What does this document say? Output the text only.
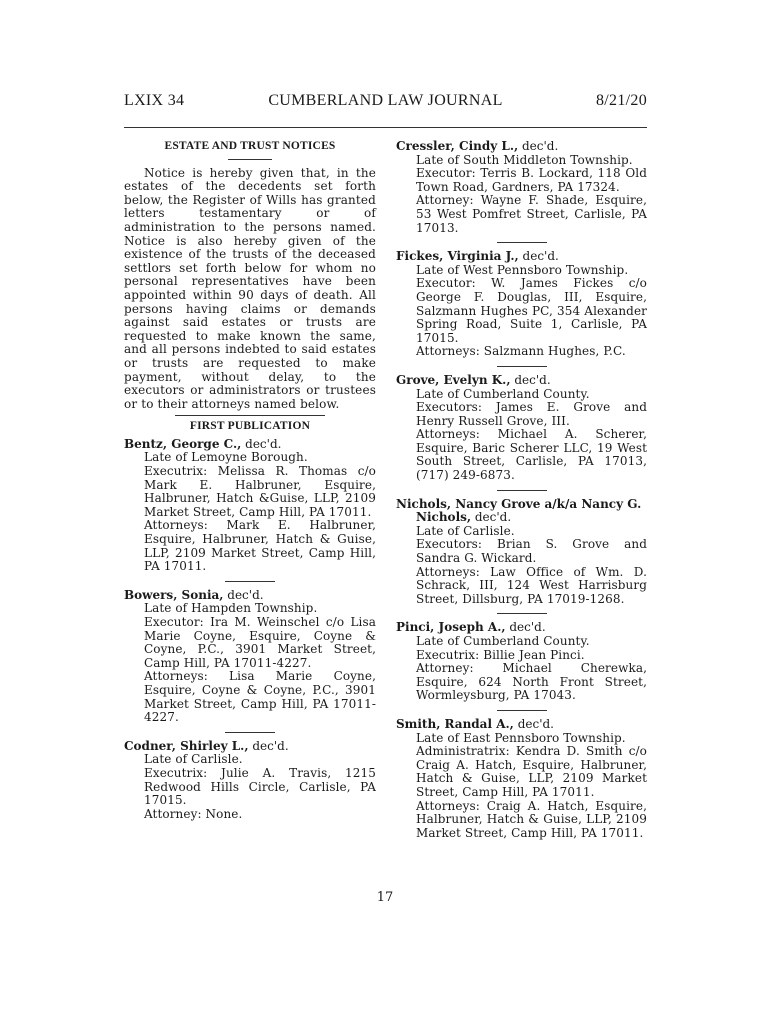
LXIX 34	CUMBERLAND LAW JOURNAL	8/21/20

ESTATE AND TRUST NOTICES

Notice is hereby given that, in the estates of the decedents set forth below, the Register of Wills has granted letters testamentary or of administration to the persons named. Notice is also hereby given of the existence of the trusts of the deceased settlors set forth below for whom no personal representatives have been appointed within 90 days of death. All persons having claims or demands against said estates or trusts are requested to make known the same, and all persons indebted to said estates or trusts are requested to make payment, without delay, to the executors or administrators or trustees or to their attorneys named below.

FIRST PUBLICATION

Bentz, George C., dec'd.

Late of Lemoyne Borough.

Executrix: Melissa R. Thomas c/o Mark E. Halbruner, Esquire, Halbruner, Hatch &Guise, LLP, 2109 Market Street, Camp Hill, PA 17011.

Attorneys: Mark E. Halbruner, Esquire, Halbruner, Hatch & Guise, LLP, 2109 Market Street, Camp Hill, PA 17011.

Bowers, Sonia, dec'd.

Late of Hampden Township.

Executor: Ira M. Weinschel c/o Lisa Marie Coyne, Esquire, Coyne & Coyne, P.C., 3901 Market Street, Camp Hill, PA 17011-4227.

Attorneys: Lisa Marie Coyne, Esquire, Coyne & Coyne, P.C., 3901 Market Street, Camp Hill, PA 17011-4227.

Codner, Shirley L., dec'd.

Late of Carlisle.

Executrix: Julie A. Travis, 1215 Redwood Hills Circle, Carlisle, PA 17015.

Attorney: None.

Cressler, Cindy L., dec'd.

Late of South Middleton Township.

Executor: Terris B. Lockard, 118 Old Town Road, Gardners, PA 17324.

Attorney: Wayne F. Shade, Esquire, 53 West Pomfret Street, Carlisle, PA 17013.

Fickes, Virginia J., dec'd.

Late of West Pennsboro Township.

Executor: W. James Fickes c/o George F. Douglas, III, Esquire, Salzmann Hughes PC, 354 Alexander Spring Road, Suite 1, Carlisle, PA 17015.

Attorneys: Salzmann Hughes, P.C.

Grove, Evelyn K., dec'd.

Late of Cumberland County.

Executors: James E. Grove and Henry Russell Grove, III.

Attorneys: Michael A. Scherer, Esquire, Baric Scherer LLC, 19 West South Street, Carlisle, PA 17013, (717) 249-6873.

Nichols, Nancy Grove a/k/a Nancy G. Nichols, dec'd.

Late of Carlisle.

Executors: Brian S. Grove and Sandra G. Wickard.

Attorneys: Law Office of Wm. D. Schrack, III, 124 West Harrisburg Street, Dillsburg, PA 17019-1268.

Pinci, Joseph A., dec'd.

Late of Cumberland County.

Executrix: Billie Jean Pinci.

Attorney: Michael Cherewka, Esquire, 624 North Front Street, Wormleysburg, PA 17043.

Smith, Randal A., dec'd.

Late of East Pennsboro Township.

Administratrix: Kendra D. Smith c/o Craig A. Hatch, Esquire, Halbruner, Hatch & Guise, LLP, 2109 Market Street, Camp Hill, PA 17011.

Attorneys: Craig A. Hatch, Esquire, Halbruner, Hatch & Guise, LLP, 2109 Market Street, Camp Hill, PA 17011.

17
